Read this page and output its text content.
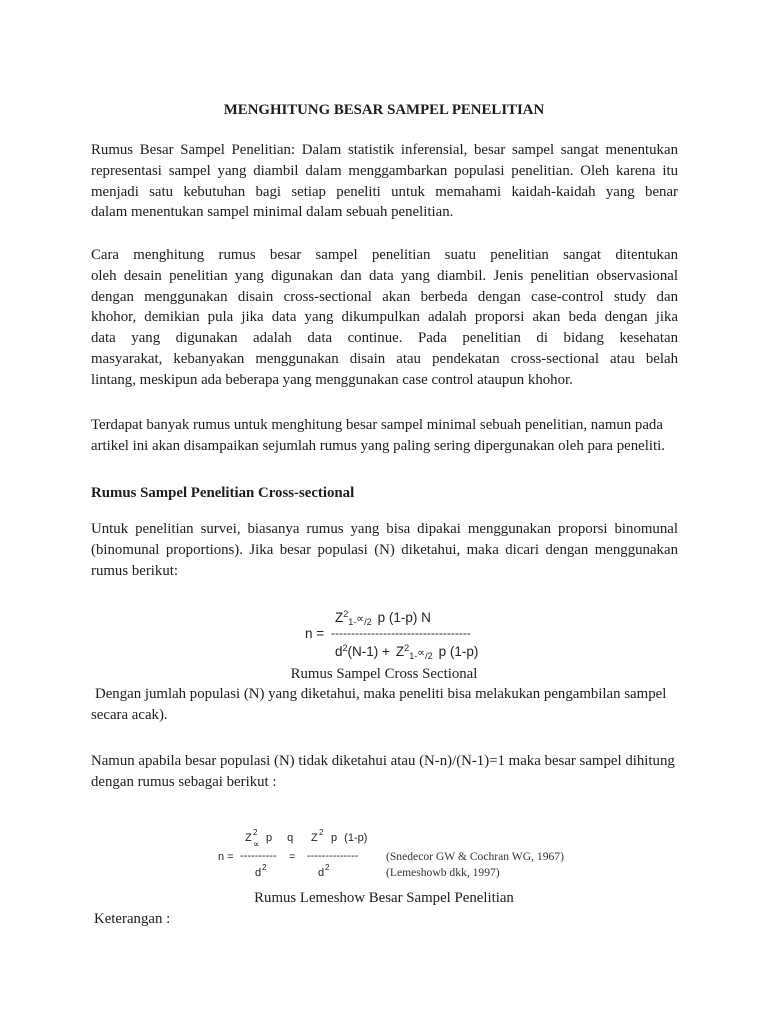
MENGHITUNG BESAR SAMPEL PENELITIAN
Rumus Besar Sampel Penelitian: Dalam statistik inferensial, besar sampel sangat menentukan
representasi sampel yang diambil dalam menggambarkan populasi penelitian. Oleh karena itu
menjadi satu kebutuhan bagi setiap peneliti untuk memahami kaidah-kaidah yang benar
dalam menentukan sampel minimal dalam sebuah penelitian.
Cara menghitung rumus besar sampel penelitian suatu penelitian sangat ditentukan
oleh desain penelitian yang digunakan dan data yang diambil. Jenis penelitian observasional
dengan menggunakan disain cross-sectional akan berbeda dengan case-control study dan
khohor, demikian pula jika data yang dikumpulkan adalah proporsi akan beda dengan jika
data yang digunakan adalah data continue. Pada penelitian di bidang kesehatan
masyarakat, kebanyakan menggunakan disain atau pendekatan cross-sectional atau belah
lintang, meskipun ada beberapa yang menggunakan case control ataupun khohor.
Terdapat banyak rumus untuk menghitung besar sampel minimal sebuah penelitian, namun pada
artikel ini akan disampaikan sejumlah rumus yang paling sering dipergunakan oleh para peneliti.
Rumus Sampel Penelitian Cross-sectional
Untuk penelitian survei, biasanya rumus yang bisa dipakai menggunakan proporsi binomunal
(binomunal proportions). Jika besar populasi (N) diketahui, maka dicari dengan menggunakan
rumus berikut:
n =
$Z^2_{1-}\propto_{/2}$ p (1-p) N
-----------------------------------
$d^2(N-1) + Z^2_{1-}\propto_{/2}$ p (1-p)
Rumus Sampel Cross Sectional
Dengan jumlah populasi (N) yang diketahui, maka peneliti bisa melakukan pengambilan sampel
secara acak).
Namun apabila besar populasi (N) tidak diketahui atau (N-n)/(N-1)=1 maka besar sampel dihitung
dengan rumus sebagai berikut :
Z 2
∝
p q Z 2 p (1-p)
n = ---------- = --------------
d 2	d 2
(Snedecor GW & Cochran WG, 1967)
(Lemeshowb dkk, 1997)
Rumus Lemeshow Besar Sampel Penelitian
Keterangan :
